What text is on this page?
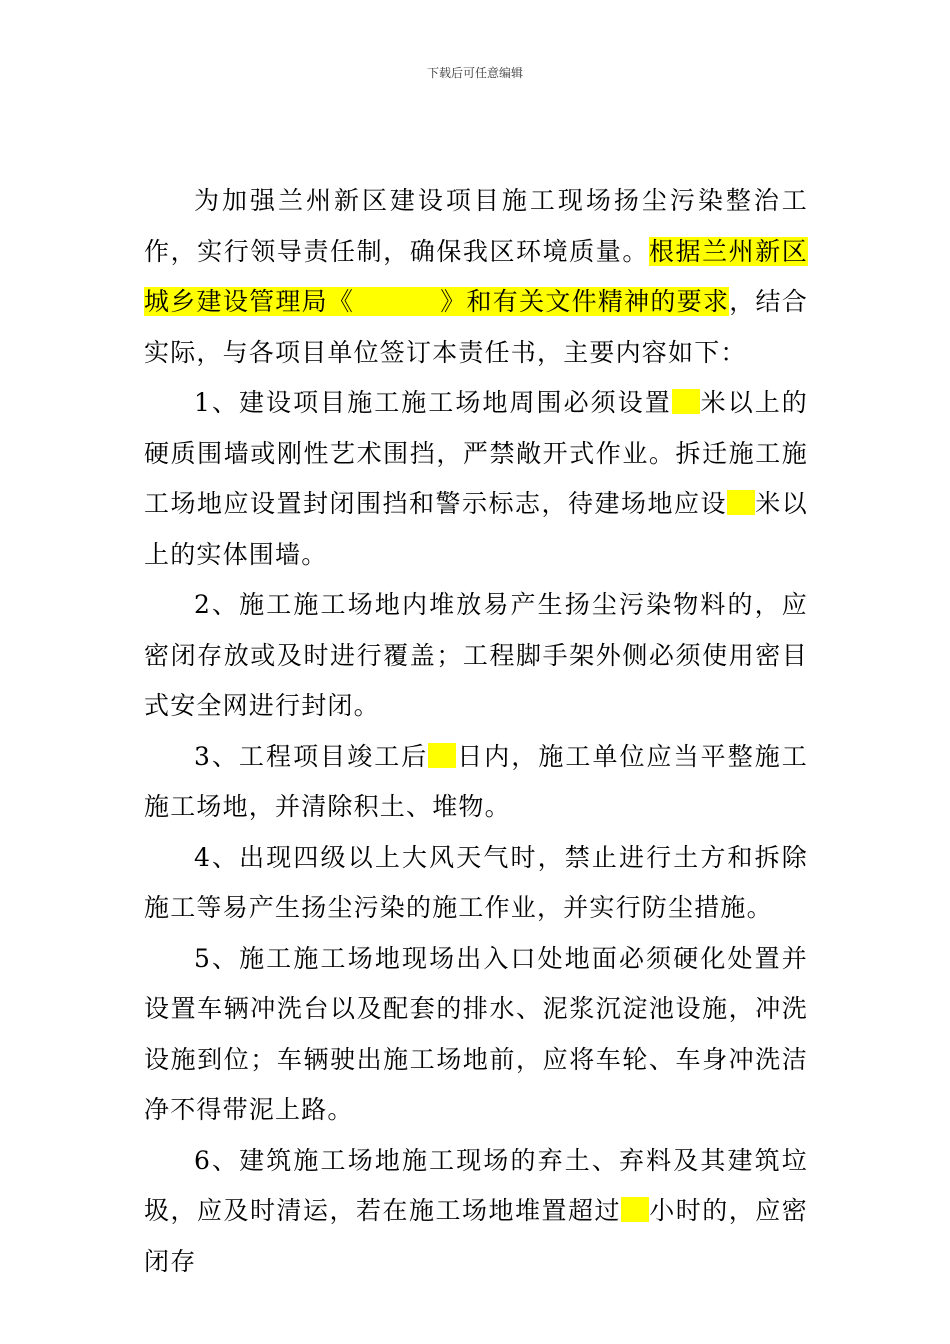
下载后可任意编辑

为加强兰州新区建设项目施工现场扬尘污染整治工作，实行领导责任制，确保我区环境质量。根据兰州新区城乡建设管理局《	》和有关文件精神的要求，结合实际，与各项目单位签订本责任书，主要内容如下：

1、建设项目施工施工场地周围必须设置 米以上的硬质围墙或刚性艺术围挡，严禁敞开式作业。拆迁施工施工场地应设置封闭围挡和警示标志，待建场地应设 米以上的实体围墙。

2、施工施工场地内堆放易产生扬尘污染物料的，应密闭存放或及时进行覆盖；工程脚手架外侧必须使用密目式安全网进行封闭。

3、工程项目竣工后 日内，施工单位应当平整施工施工场地，并清除积土、堆物。

4、出现四级以上大风天气时，禁止进行土方和拆除施工等易产生扬尘污染的施工作业，并实行防尘措施。

5、施工施工场地现场出入口处地面必须硬化处置并设置车辆冲洗台以及配套的排水、泥浆沉淀池设施，冲洗设施到位；车辆驶出施工场地前，应将车轮、车身冲洗洁净不得带泥上路。

6、建筑施工场地施工现场的弃土、弃料及其建筑垃圾，应及时清运，若在施工场地堆置超过 小时的，应密闭存
